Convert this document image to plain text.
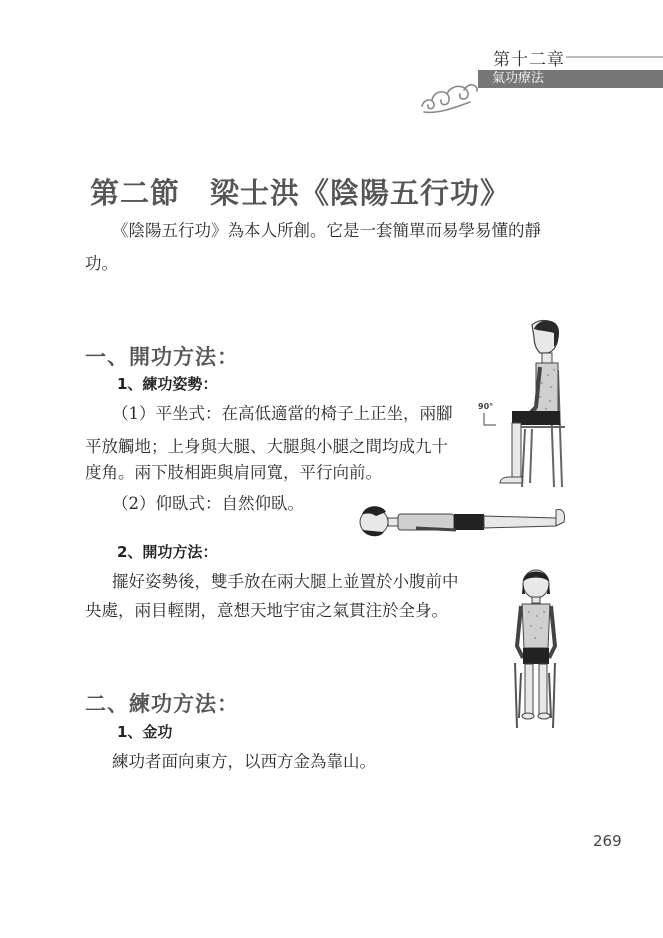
第十二章
氣功療法
第二節　梁士洪《陰陽五行功》
《陰陽五行功》為本人所創。它是一套簡單而易學易懂的靜
功。
一、開功方法：
1、練功姿勢：
（1）平坐式：在高低適當的椅子上正坐，兩腳
平放觸地；上身與大腿、大腿與小腿之間均成九十
度角。兩下肢相距與肩同寬，平行向前。
（2）仰臥式：自然仰臥。
2、開功方法：
擺好姿勢後，雙手放在兩大腿上並置於小腹前中
央處，兩目輕閉，意想天地宇宙之氣貫注於全身。
二、練功方法：
1、金功
練功者面向東方，以西方金為靠山。
90°
269
